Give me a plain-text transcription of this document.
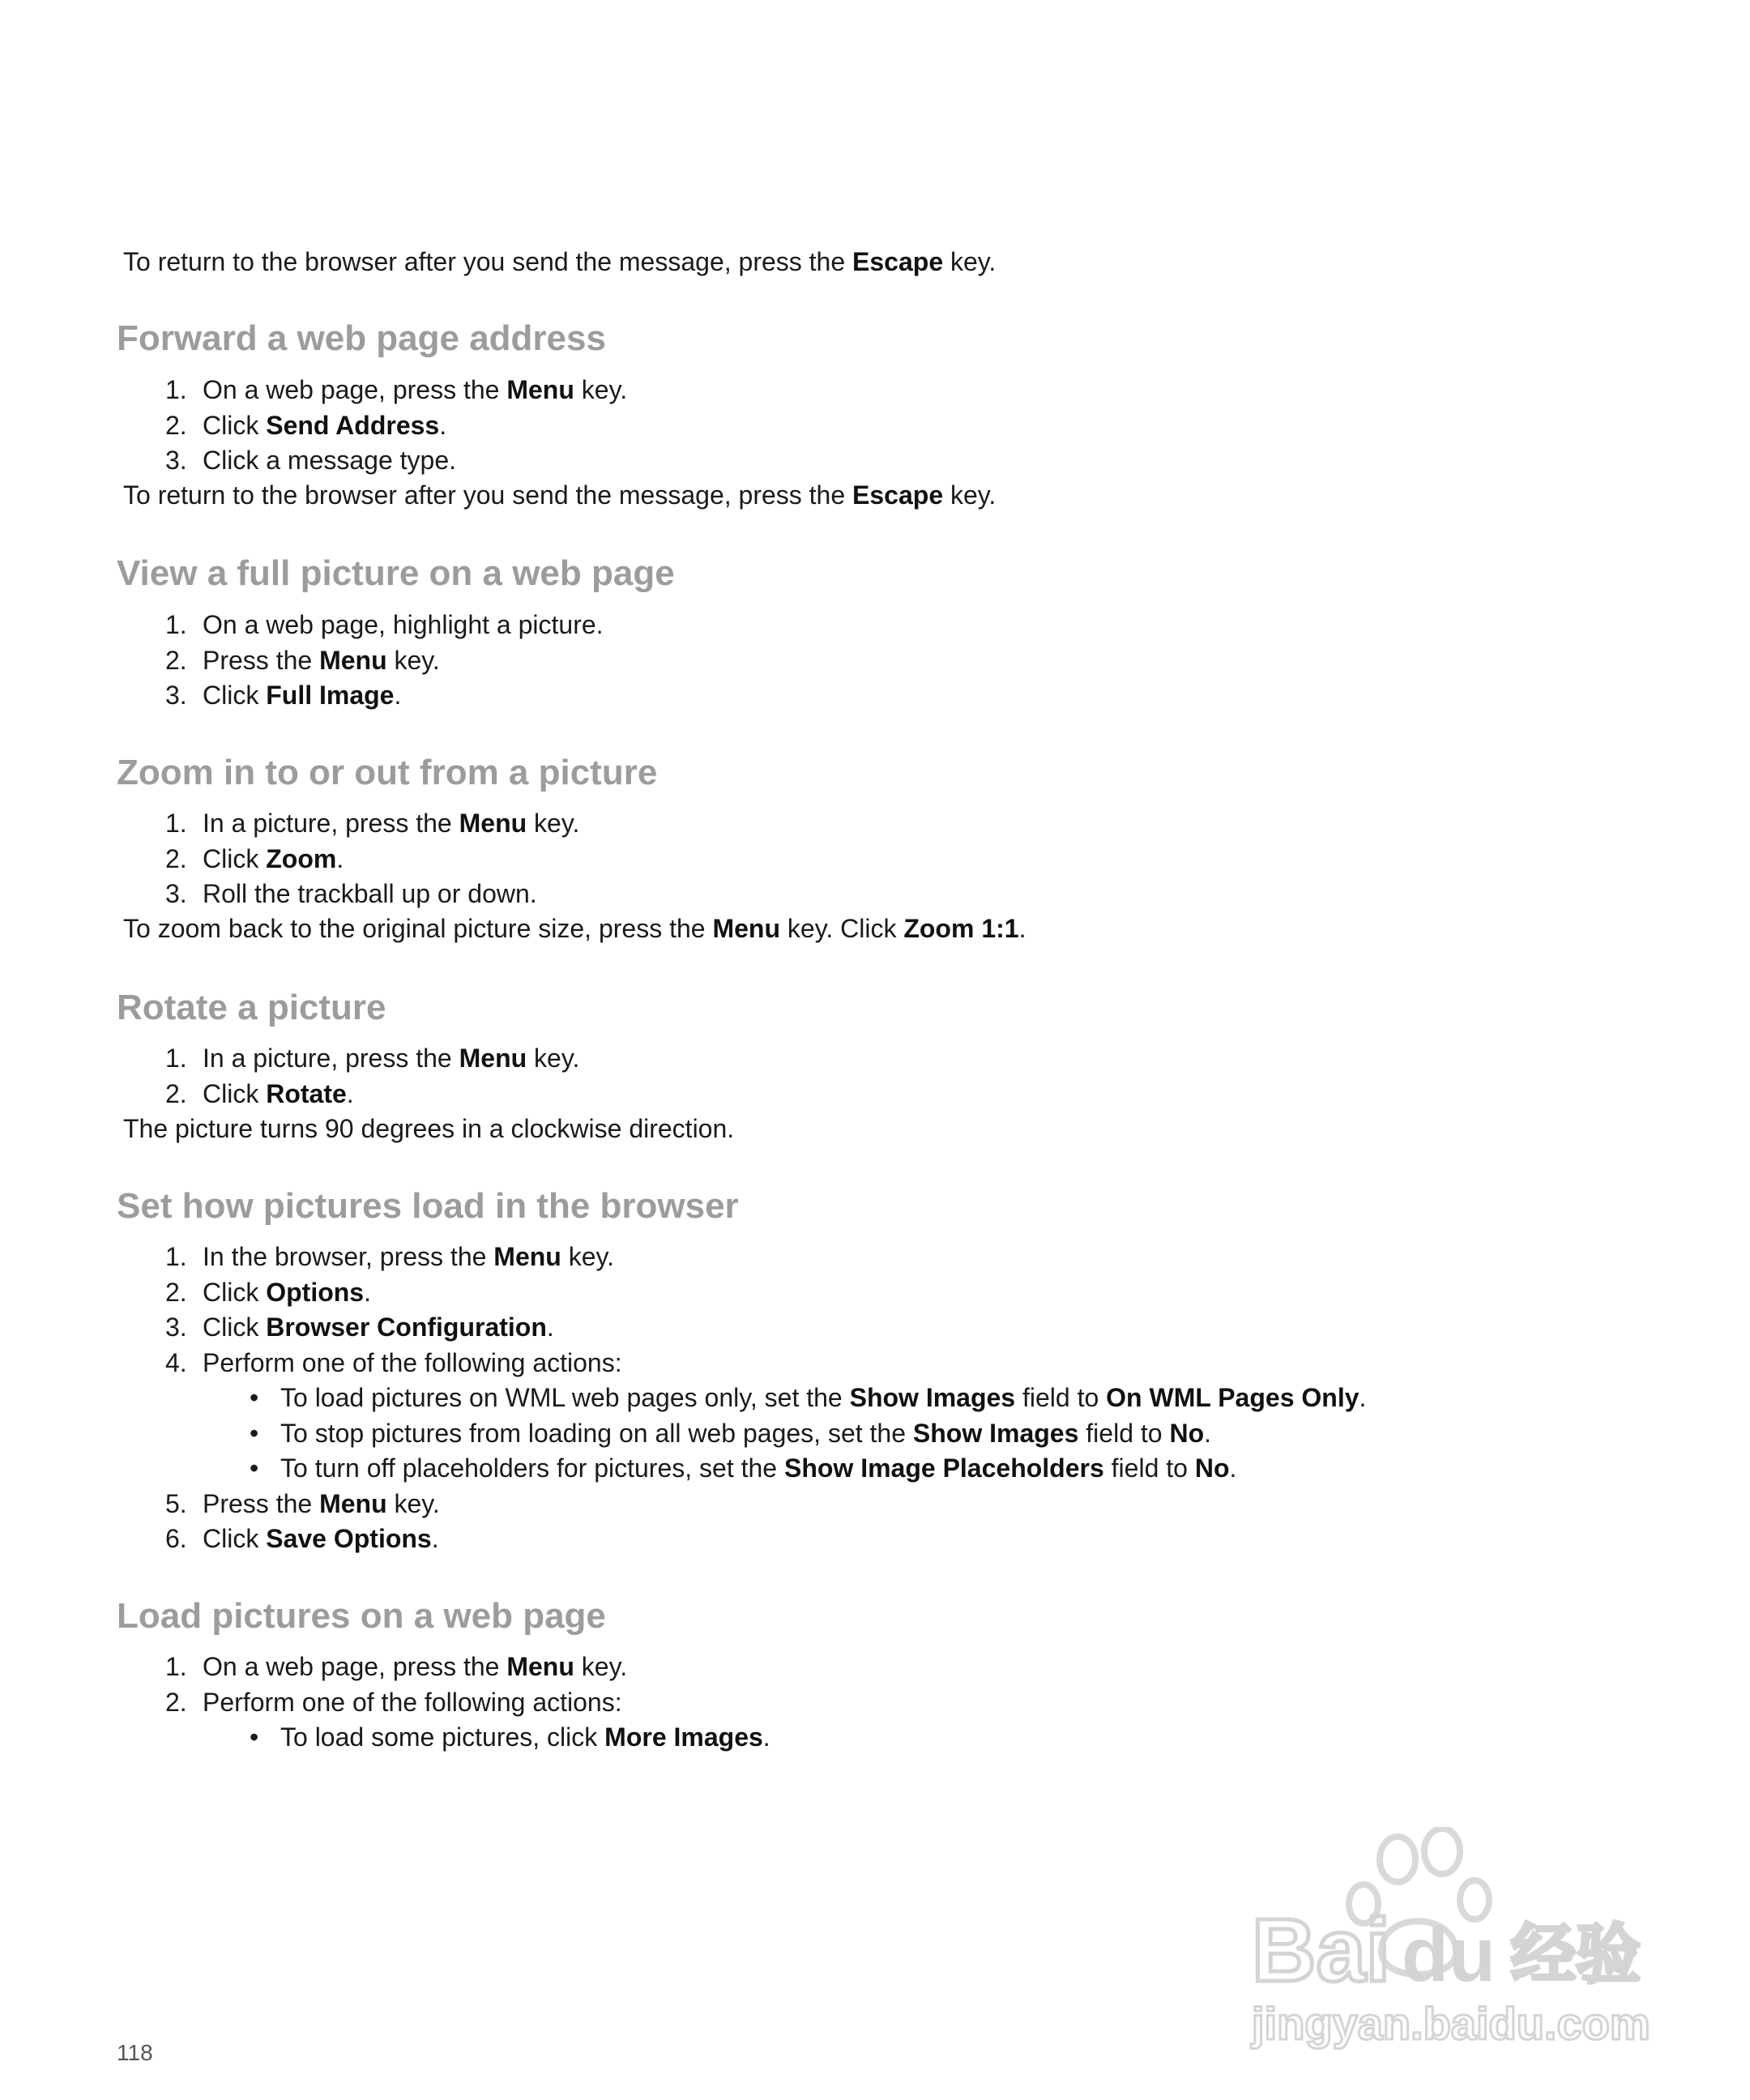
To return to the browser after you send the message, press the Escape key.

Forward a web page address
1. On a web page, press the Menu key.
2. Click Send Address.
3. Click a message type.

To return to the browser after you send the message, press the Escape key.

View a full picture on a web page
1. On a web page, highlight a picture.
2. Press the Menu key.
3. Click Full Image.
Zoom in to or out from a picture
1. In a picture, press the Menu key.
2. Click Zoom.
3. Roll the trackball up or down.

To zoom back to the original picture size, press the Menu key. Click Zoom 1:1.

Rotate a picture
1. In a picture, press the Menu key.
2. Click Rotate.

The picture turns 90 degrees in a clockwise direction.

Set how pictures load in the browser
1. In the browser, press the Menu key.
2. Click Options.
3. Click Browser Configuration.
4. Perform one of the following actions:
• To load pictures on WML web pages only, set the Show Images field to On WML Pages Only.
• To stop pictures from loading on all web pages, set the Show Images field to No.
• To turn off placeholders for pictures, set the Show Image Placeholders field to No.
5. Press the Menu key.
6. Click Save Options.
Load pictures on a web page
1. On a web page, press the Menu key.
2. Perform one of the following actions:
• To load some pictures, click More Images.
Bai du 经验
jingyan.baidu.com
118
